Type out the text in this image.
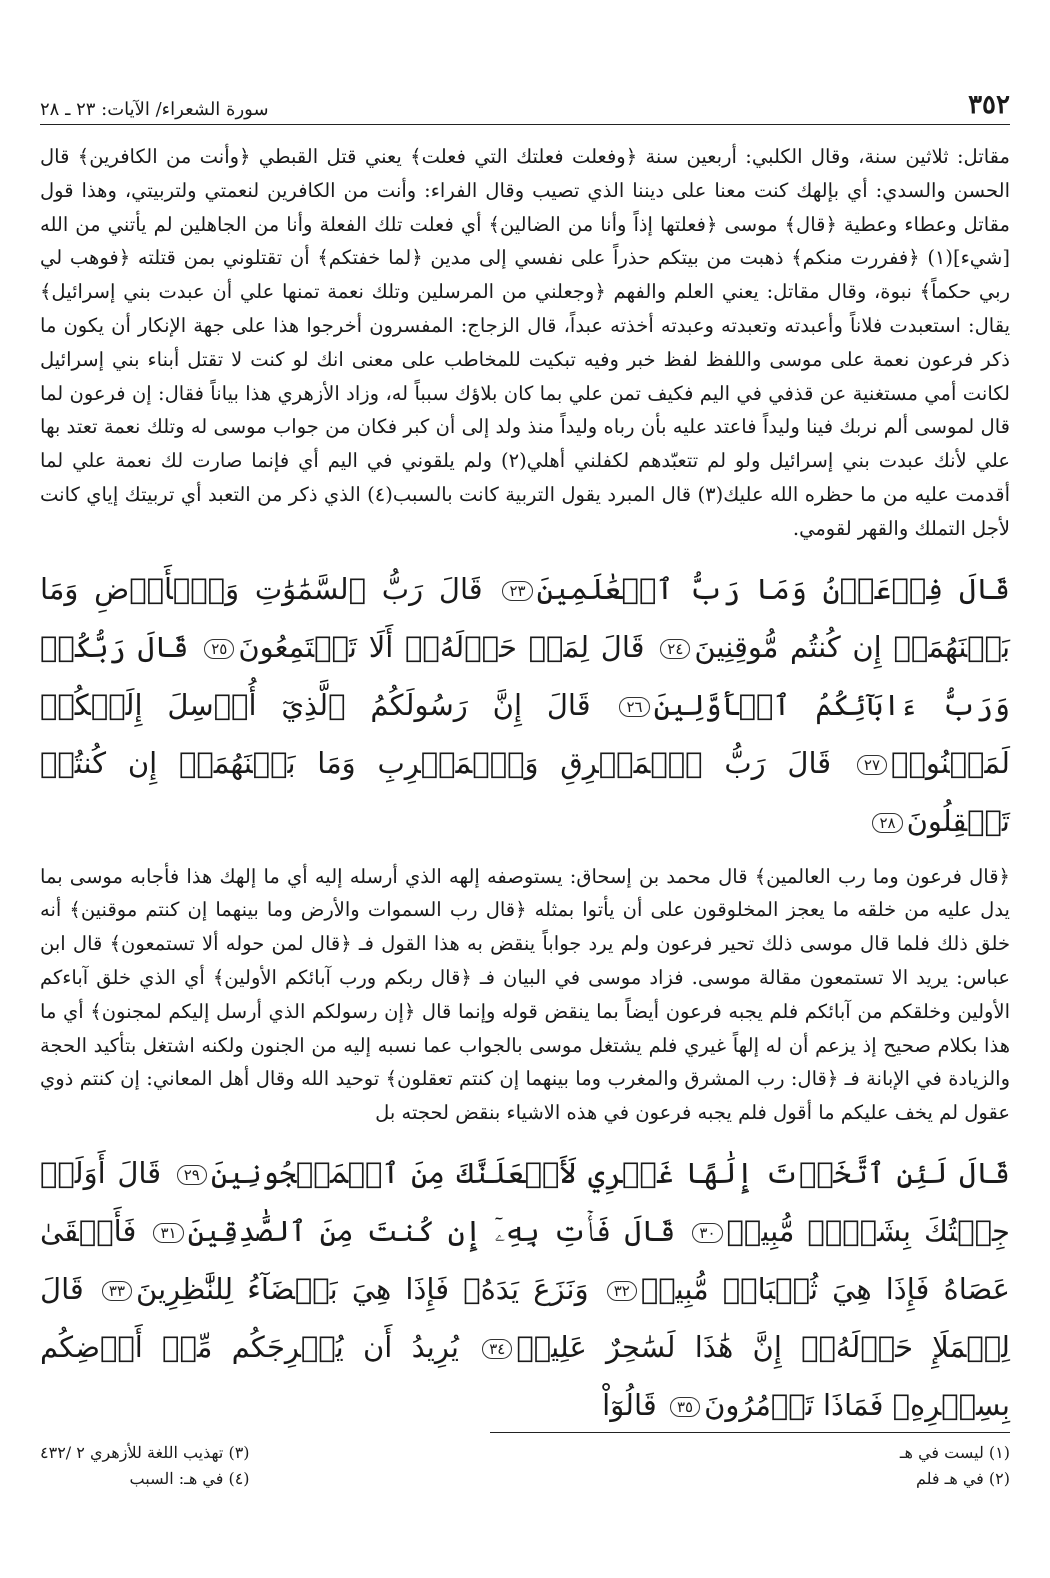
٣٥٢
سورة الشعراء/ الآيات: ٢٣ ـ ٢٨

مقاتل: ثلاثين سنة، وقال الكلبي: أربعين سنة ﴿وفعلت فعلتك التي فعلت﴾ يعني قتل القبطي ﴿وأنت من الكافرين﴾ قال الحسن والسدي: أي بإلهك كنت معنا على ديننا الذي تصيب وقال الفراء: وأنت من الكافرين لنعمتي ولتربيتي، وهذا قول مقاتل وعطاء وعطية ﴿قال﴾ موسى ﴿فعلتها إذاً وأنا من الضالين﴾ أي فعلت تلك الفعلة وأنا من الجاهلين لم يأتني من الله [شيء](١) ﴿ففررت منكم﴾ ذهبت من بيتكم حذراً على نفسي إلى مدين ﴿لما خفتكم﴾ أن تقتلوني بمن قتلته ﴿فوهب لي ربي حكماً﴾ نبوة، وقال مقاتل: يعني العلم والفهم ﴿وجعلني من المرسلين وتلك نعمة تمنها علي أن عبدت بني إسرائيل﴾ يقال: استعبدت فلاناً وأعبدته وتعبدته وعبدته أخذته عبداً، قال الزجاج: المفسرون أخرجوا هذا على جهة الإنكار أن يكون ما ذكر فرعون نعمة على موسى واللفظ لفظ خبر وفيه تبكيت للمخاطب على معنى انك لو كنت لا تقتل أبناء بني إسرائيل لكانت أمي مستغنية عن قذفي في اليم فكيف تمن علي بما كان بلاؤك سبباً له، وزاد الأزهري هذا بياناً فقال: إن فرعون لما قال لموسى ألم نربك فينا وليداً فاعتد عليه بأن رباه وليداً منذ ولد إلى أن كبر فكان من جواب موسى له وتلك نعمة تعتد بها علي لأنك عبدت بني إسرائيل ولو لم تتعبّدهم لكفلني أهلي(٢) ولم يلقوني في اليم أي فإنما صارت لك نعمة علي لما أقدمت عليه من ما حظره الله عليك(٣) قال المبرد يقول التربية كانت بالسبب(٤) الذي ذكر من التعبد أي تربيتك إياي كانت لأجل التملك والقهر لقومي.

قَالَ فِرۡعَوۡنُ وَمَا رَبُّ ٱلۡعَٰلَمِينَ٢٣ قَالَ رَبُّ ٱلسَّمَٰوَٰتِ وَٱلۡأَرۡضِ وَمَا بَيۡنَهُمَآۖ إِن كُنتُم مُّوقِنِينَ٢٤ قَالَ لِمَنۡ حَوۡلَهُۥٓ أَلَا تَسۡتَمِعُونَ٢٥ قَالَ رَبُّكُمۡ وَرَبُّ ءَابَآئِكُمُ ٱلۡأَوَّلِينَ٢٦ قَالَ إِنَّ رَسُولَكُمُ ٱلَّذِيٓ أُرۡسِلَ إِلَيۡكُمۡ لَمَجۡنُونٞ٢٧ قَالَ رَبُّ ٱلۡمَشۡرِقِ وَٱلۡمَغۡرِبِ وَمَا بَيۡنَهُمَآۖ إِن كُنتُمۡ تَعۡقِلُونَ٢٨

﴿قال فرعون وما رب العالمين﴾ قال محمد بن إسحاق: يستوصفه إلهه الذي أرسله إليه أي ما إلهك هذا فأجابه موسى بما يدل عليه من خلقه ما يعجز المخلوقون على أن يأتوا بمثله ﴿قال رب السموات والأرض وما بينهما إن كنتم موقنين﴾ أنه خلق ذلك فلما قال موسى ذلك تحير فرعون ولم يرد جواباً ينقض به هذا القول فـ ﴿قال لمن حوله ألا تستمعون﴾ قال ابن عباس: يريد الا تستمعون مقالة موسى. فزاد موسى في البيان فـ ﴿قال ربكم ورب آبائكم الأولين﴾ أي الذي خلق آباءكم الأولين وخلقكم من آبائكم فلم يجبه فرعون أيضاً بما ينقض قوله وإنما قال ﴿إن رسولكم الذي أرسل إليكم لمجنون﴾ أي ما هذا بكلام صحيح إذ يزعم أن له إلهاً غيري فلم يشتغل موسى بالجواب عما نسبه إليه من الجنون ولكنه اشتغل بتأكيد الحجة والزيادة في الإبانة فـ ﴿قال: رب المشرق والمغرب وما بينهما إن كنتم تعقلون﴾ توحيد الله وقال أهل المعاني: إن كنتم ذوي عقول لم يخف عليكم ما أقول فلم يجبه فرعون في هذه الاشياء بنقض لحجته بل

قَالَ لَئِنِ ٱتَّخَذۡتَ إِلَٰهًا غَيۡرِي لَأَجۡعَلَنَّكَ مِنَ ٱلۡمَسۡجُونِينَ٢٩ قَالَ أَوَلَوۡ جِئۡتُكَ بِشَيۡءٖ مُّبِينٖ٣٠ قَالَ فَأۡتِ بِهِۦٓ إِن كُنتَ مِنَ ٱلصَّٰدِقِينَ٣١ فَأَلۡقَىٰ عَصَاهُ فَإِذَا هِيَ ثُعۡبَانٞ مُّبِينٞ٣٢ وَنَزَعَ يَدَهُۥ فَإِذَا هِيَ بَيۡضَآءُ لِلنَّٰظِرِينَ٣٣ قَالَ لِلۡمَلَإِ حَوۡلَهُۥٓ إِنَّ هَٰذَا لَسَٰحِرٌ عَلِيمٞ٣٤ يُرِيدُ أَن يُخۡرِجَكُم مِّنۡ أَرۡضِكُم بِسِحۡرِهِۦ فَمَاذَا تَأۡمُرُونَ٣٥ قَالُوٓاْ
(١) ليست في هـ
(٢) في هـ فلم
(٣) تهذيب اللغة للأزهري ٢ /٤٣٢
(٤) في هـ: السبب
